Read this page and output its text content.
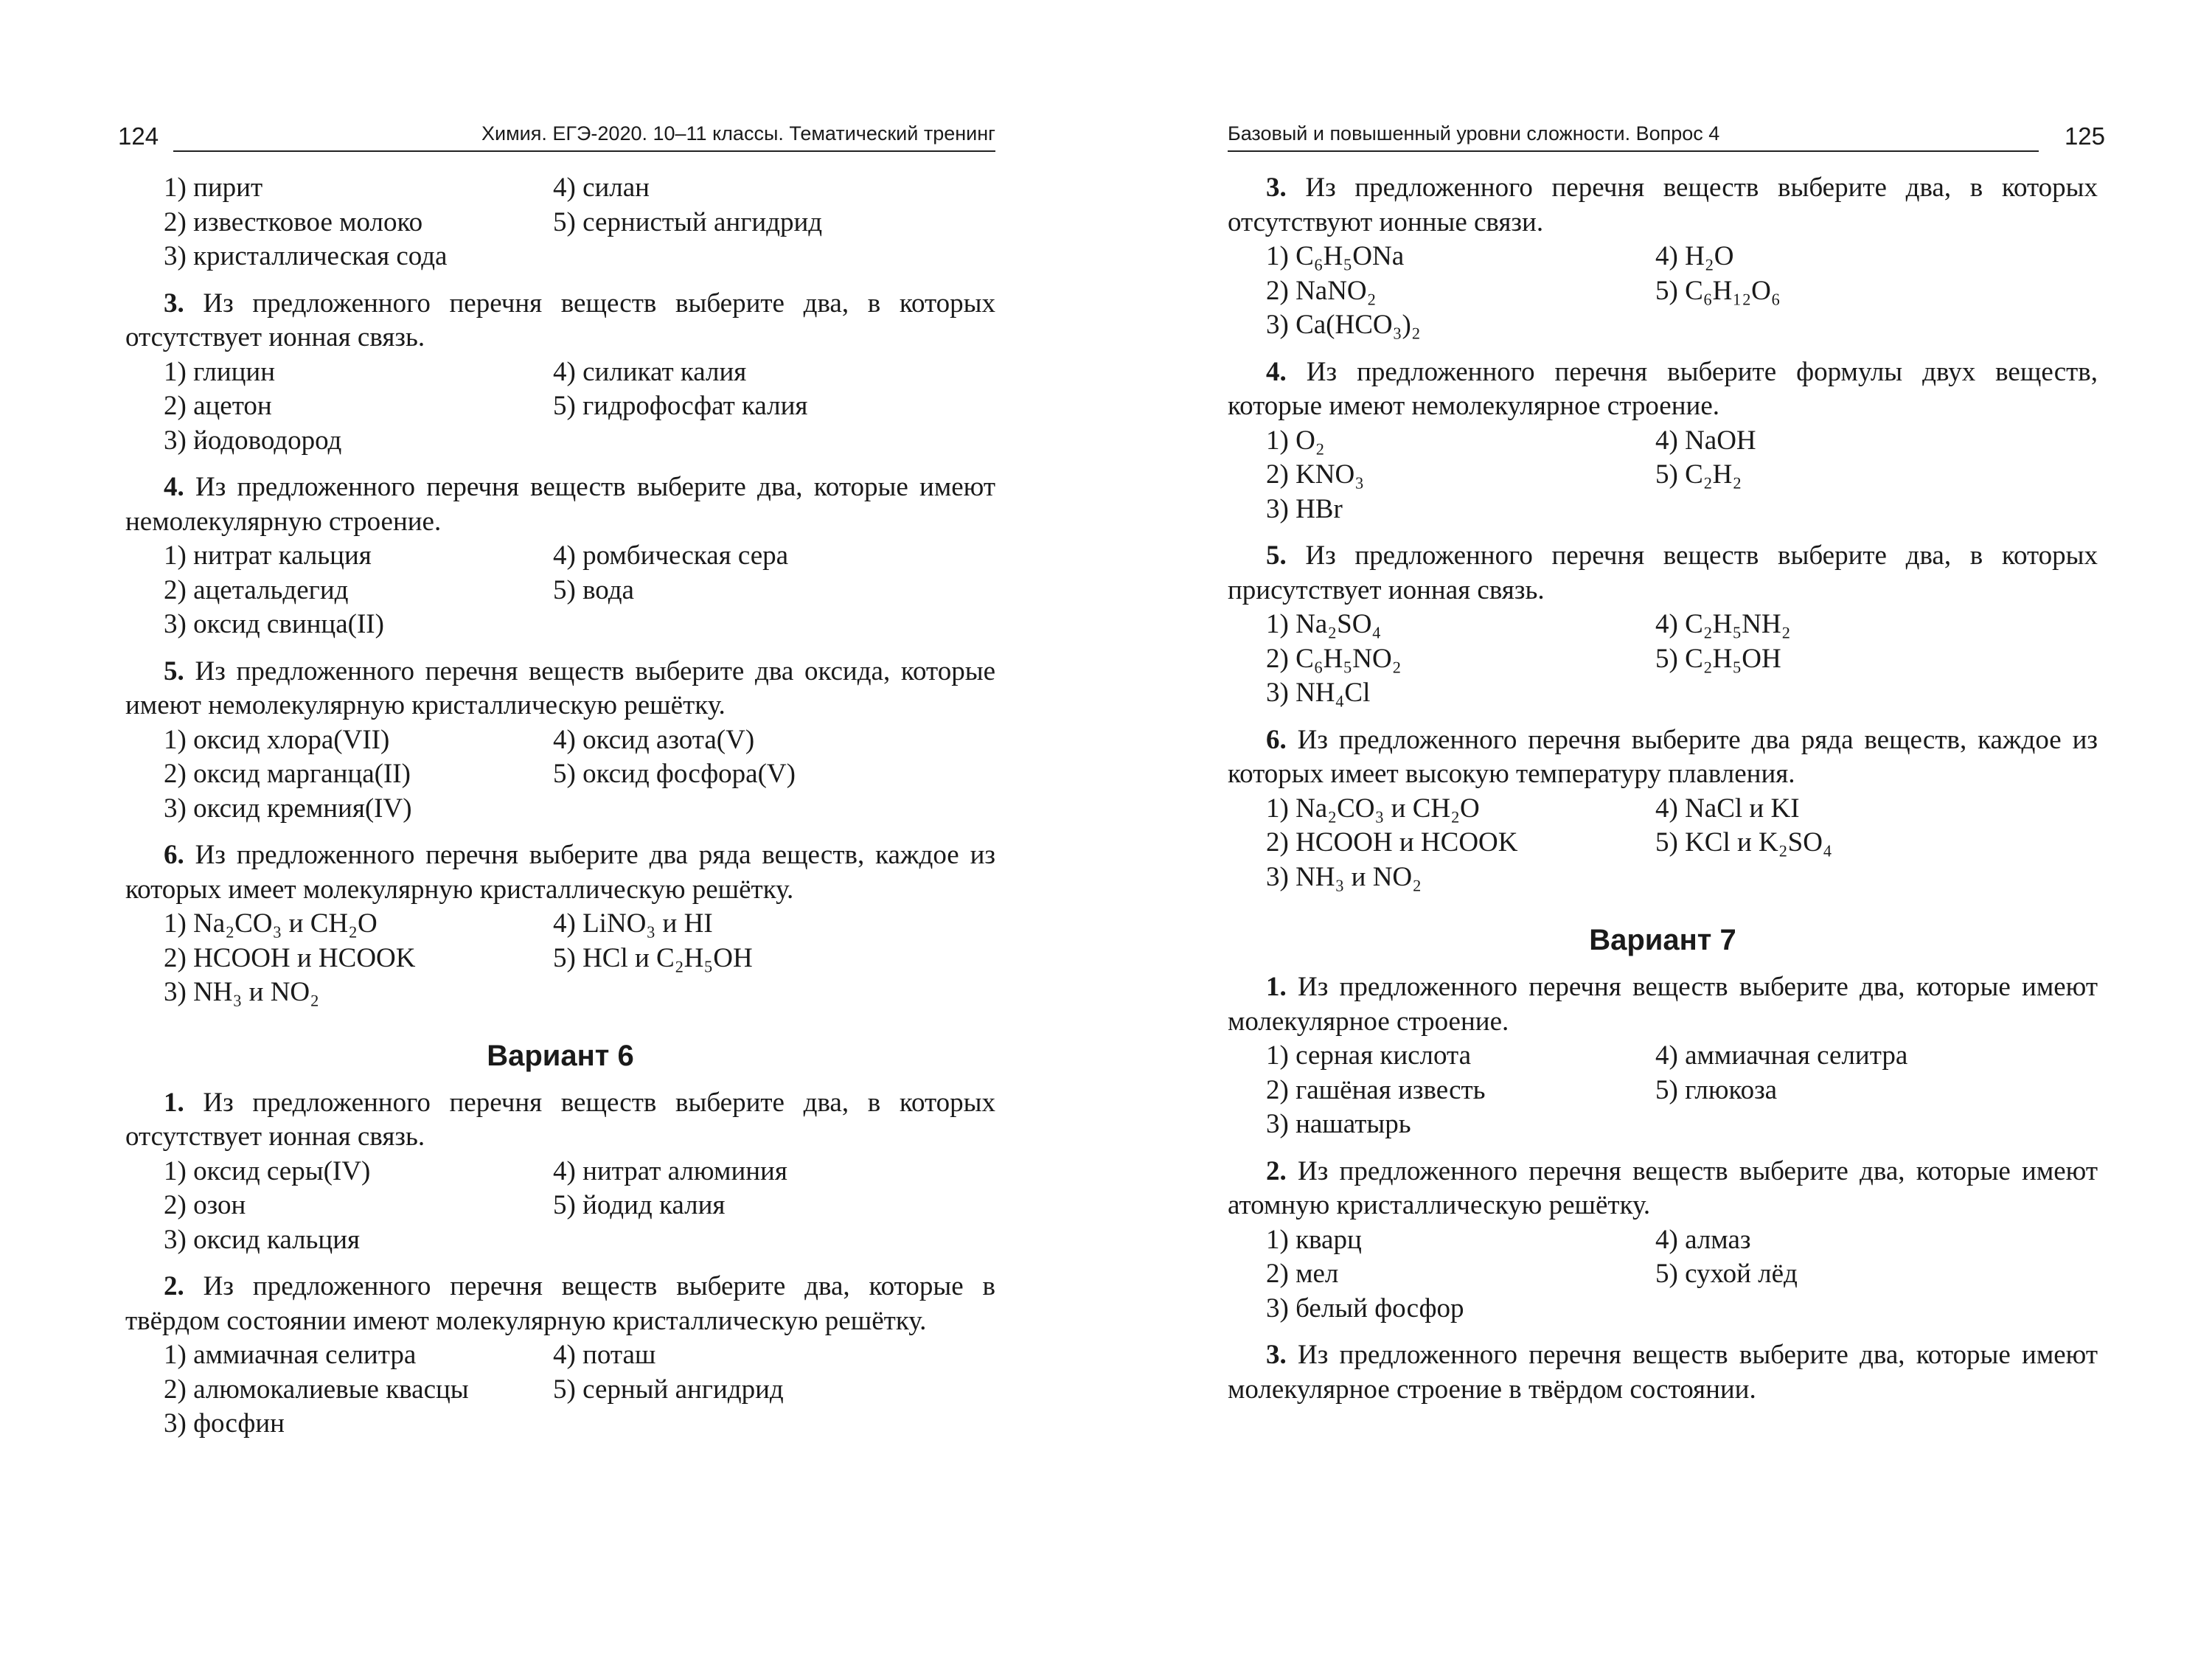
124	Химия. ЕГЭ-2020. 10–11 классы. Тематический тренинг
1) пирит	4) силан
2) известковое молоко	5) сернистый ангидрид
3) кристаллическая сода

3. Из предложенного перечня веществ выберите два, в которых отсутствует ионная связь.

1) глицин	4) силикат калия
2) ацетон	5) гидрофосфат калия
3) йодоводород

4. Из предложенного перечня веществ выберите два, которые имеют немолекулярную строение.

1) нитрат кальция	4) ромбическая сера
2) ацетальдегид	5) вода
3) оксид свинца(II)

5. Из предложенного перечня веществ выберите два оксида, которые имеют немолекулярную кристаллическую решётку.

1) оксид хлора(VII)	4) оксид азота(V)
2) оксид марганца(II)	5) оксид фосфора(V)
3) оксид кремния(IV)

6. Из предложенного перечня выберите два ряда веществ, каждое из которых имеет молекулярную кристаллическую решётку.

1) Na₂CO₃ и CH₂O	4) LiNO₃ и HI
2) HCOOH и HCOOK	5) HCl и C₂H₅OH
3) NH₃ и NO₂
Вариант 6

1. Из предложенного перечня веществ выберите два, в которых отсутствует ионная связь.

1) оксид серы(IV)	4) нитрат алюминия
2) озон	5) йодид калия
3) оксид кальция

2. Из предложенного перечня веществ выберите два, которые в твёрдом состоянии имеют молекулярную кристаллическую решётку.

1) аммиачная селитра	4) поташ
2) алюмокалиевые квасцы	5) серный ангидрид
3) фосфин
Базовый и повышенный уровни сложности. Вопрос 4	125

3. Из предложенного перечня веществ выберите два, в которых отсутствуют ионные связи.

1) C₆H₅ONa	4) H₂O
2) NaNO₂	5) C₆H₁₂O₆
3) Ca(HCO₃)₂

4. Из предложенного перечня выберите формулы двух веществ, которые имеют немолекулярное строение.

1) O₂	4) NaOH
2) KNO₃	5) C₂H₂
3) HBr

5. Из предложенного перечня веществ выберите два, в которых присутствует ионная связь.

1) Na₂SO₄	4) C₂H₅NH₂
2) C₆H₅NO₂	5) C₂H₅OH
3) NH₄Cl

6. Из предложенного перечня выберите два ряда веществ, каждое из которых имеет высокую температуру плавления.

1) Na₂CO₃ и CH₂O	4) NaCl и KI
2) HCOOH и HCOOK	5) KCl и K₂SO₄
3) NH₃ и NO₂
Вариант 7

1. Из предложенного перечня веществ выберите два, которые имеют молекулярное строение.

1) серная кислота	4) аммиачная селитра
2) гашёная известь	5) глюкоза
3) нашатырь

2. Из предложенного перечня веществ выберите два, которые имеют атомную кристаллическую решётку.

1) кварц	4) алмаз
2) мел	5) сухой лёд
3) белый фосфор

3. Из предложенного перечня веществ выберите два, которые имеют молекулярное строение в твёрдом состоянии.
